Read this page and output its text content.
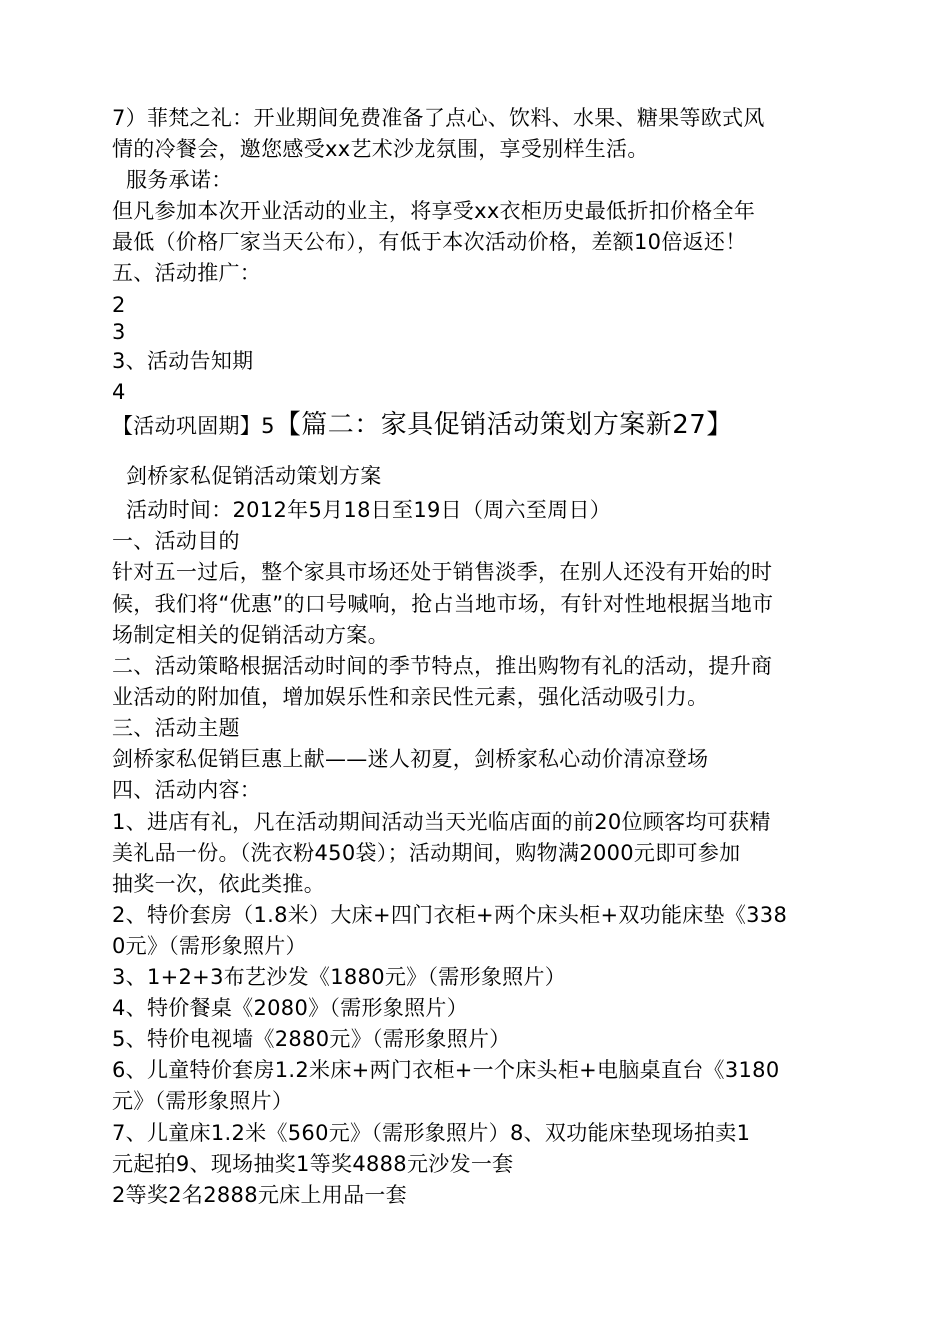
7）菲梵之礼：开业期间免费准备了点心、饮料、水果、糖果等欧式风
情的冷餐会，邀您感受xx艺术沙龙氛围，享受别样生活。
服务承诺：
但凡参加本次开业活动的业主，将享受xx衣柜历史最低折扣价格全年
最低（价格厂家当天公布），有低于本次活动价格，差额10倍返还！
五、活动推广：
2
3
3、活动告知期
4
【活动巩固期】5【篇二：家具促销活动策划方案新27】
剑桥家私促销活动策划方案
活动时间：2012年5月18日至19日（周六至周日）
一、活动目的
针对五一过后，整个家具市场还处于销售淡季，在别人还没有开始的时
候，我们将“优惠”的口号喊响，抢占当地市场，有针对性地根据当地市
场制定相关的促销活动方案。
二、活动策略根据活动时间的季节特点，推出购物有礼的活动，提升商
业活动的附加值，增加娱乐性和亲民性元素，强化活动吸引力。
三、活动主题
剑桥家私促销巨惠上献——迷人初夏，剑桥家私心动价清凉登场
四、活动内容：
1、进店有礼，凡在活动期间活动当天光临店面的前20位顾客均可获精
美礼品一份。（洗衣粉450袋）；活动期间，购物满2000元即可参加
抽奖一次，依此类推。
2、特价套房（1.8米）大床+四门衣柜+两个床头柜+双功能床垫《338
0元》（需形象照片）
3、1+2+3布艺沙发《1880元》（需形象照片）
4、特价餐桌《2080》（需形象照片）
5、特价电视墙《2880元》（需形象照片）
6、儿童特价套房1.2米床+两门衣柜+一个床头柜+电脑桌直台《3180
元》（需形象照片）
7、儿童床1.2米《560元》（需形象照片）8、双功能床垫现场拍卖1
元起拍9、现场抽奖1等奖4888元沙发一套
2等奖2名2888元床上用品一套
